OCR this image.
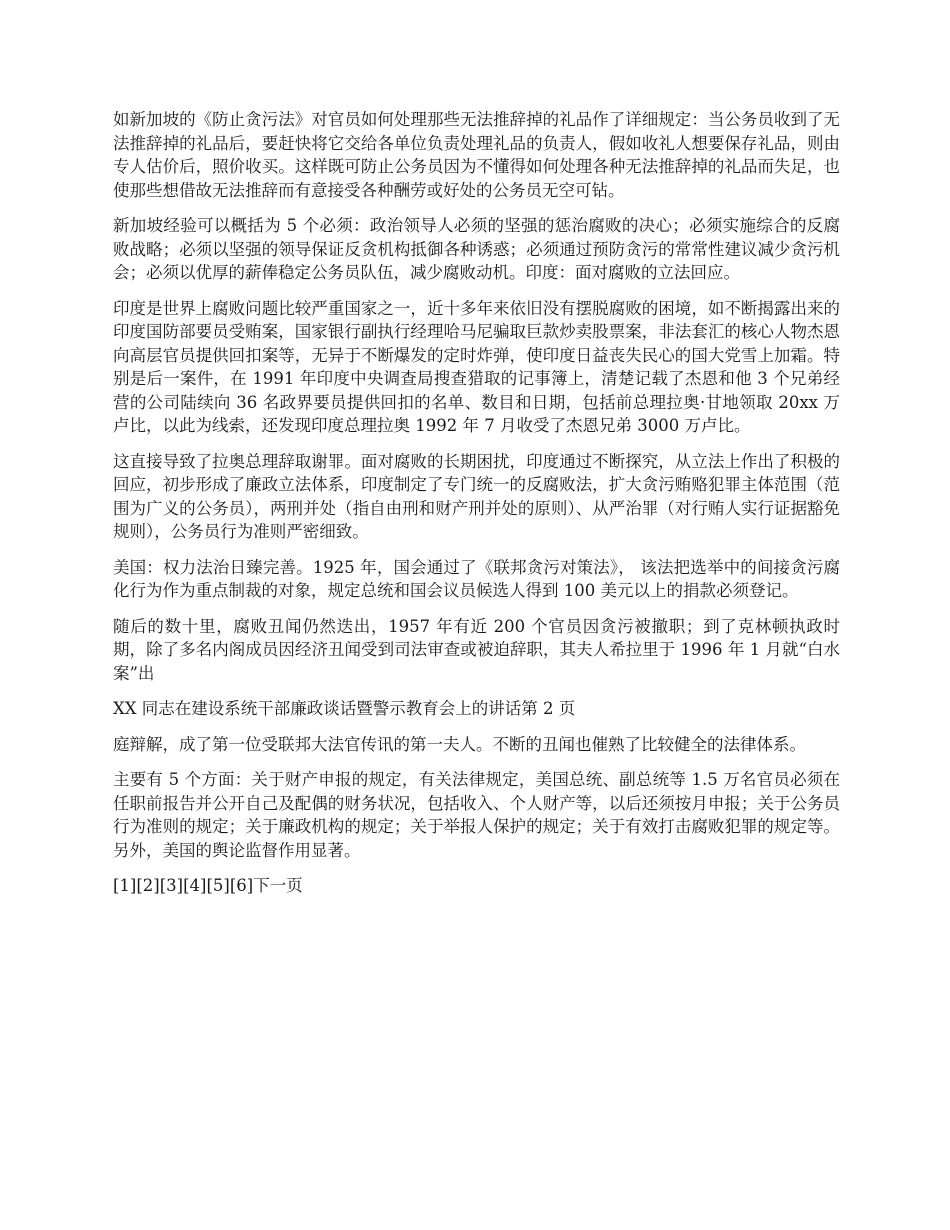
如新加坡的《防止贪污法》对官员如何处理那些无法推辞掉的礼品作了详细规定：当公务员收到了无法推辞掉的礼品后，要赶快将它交给各单位负责处理礼品的负责人，假如收礼人想要保存礼品，则由专人估价后，照价收买。这样既可防止公务员因为不懂得如何处理各种无法推辞掉的礼品而失足，也使那些想借故无法推辞而有意接受各种酬劳或好处的公务员无空可钻。

新加坡经验可以概括为 5 个必须：政治领导人必须的坚强的惩治腐败的决心；必须实施综合的反腐败战略；必须以坚强的领导保证反贪机构抵御各种诱惑；必须通过预防贪污的常常性建议减少贪污机会；必须以优厚的薪俸稳定公务员队伍，减少腐败动机。印度：面对腐败的立法回应。

印度是世界上腐败问题比较严重国家之一，近十多年来依旧没有摆脱腐败的困境，如不断揭露出来的印度国防部要员受贿案，国家银行副执行经理哈马尼骗取巨款炒卖股票案，非法套汇的核心人物杰恩向高层官员提供回扣案等，无异于不断爆发的定时炸弹，使印度日益丧失民心的国大党雪上加霜。特别是后一案件，在 1991 年印度中央调查局搜查猎取的记事簿上，清楚记载了杰恩和他 3 个兄弟经营的公司陆续向 36 名政界要员提供回扣的名单、数目和日期，包括前总理拉奥·甘地领取 20xx 万卢比，以此为线索，还发现印度总理拉奥 1992 年 7 月收受了杰恩兄弟 3000 万卢比。

这直接导致了拉奥总理辞取谢罪。面对腐败的长期困扰，印度通过不断探究，从立法上作出了积极的回应，初步形成了廉政立法体系，印度制定了专门统一的反腐败法，扩大贪污贿赂犯罪主体范围（范围为广义的公务员），两刑并处（指自由刑和财产刑并处的原则）、从严治罪（对行贿人实行证据豁免规则），公务员行为准则严密细致。

美国：权力法治日臻完善。1925 年，国会通过了《联邦贪污对策法》， 该法把选举中的间接贪污腐化行为作为重点制裁的对象，规定总统和国会议员候选人得到 100 美元以上的捐款必须登记。

随后的数十里，腐败丑闻仍然迭出，1957 年有近 200 个官员因贪污被撤职；到了克林顿执政时期，除了多名内阁成员因经济丑闻受到司法审查或被迫辞职，其夫人希拉里于 1996 年 1 月就“白水案”出

XX 同志在建设系统干部廉政谈话暨警示教育会上的讲话第 2 页

庭辩解，成了第一位受联邦大法官传讯的第一夫人。不断的丑闻也催熟了比较健全的法律体系。

主要有 5 个方面：关于财产申报的规定，有关法律规定，美国总统、副总统等 1.5 万名官员必须在任职前报告并公开自己及配偶的财务状况，包括收入、个人财产等，以后还须按月申报；关于公务员行为准则的规定；关于廉政机构的规定；关于举报人保护的规定；关于有效打击腐败犯罪的规定等。另外，美国的舆论监督作用显著。

[1][2][3][4][5][6]下一页
